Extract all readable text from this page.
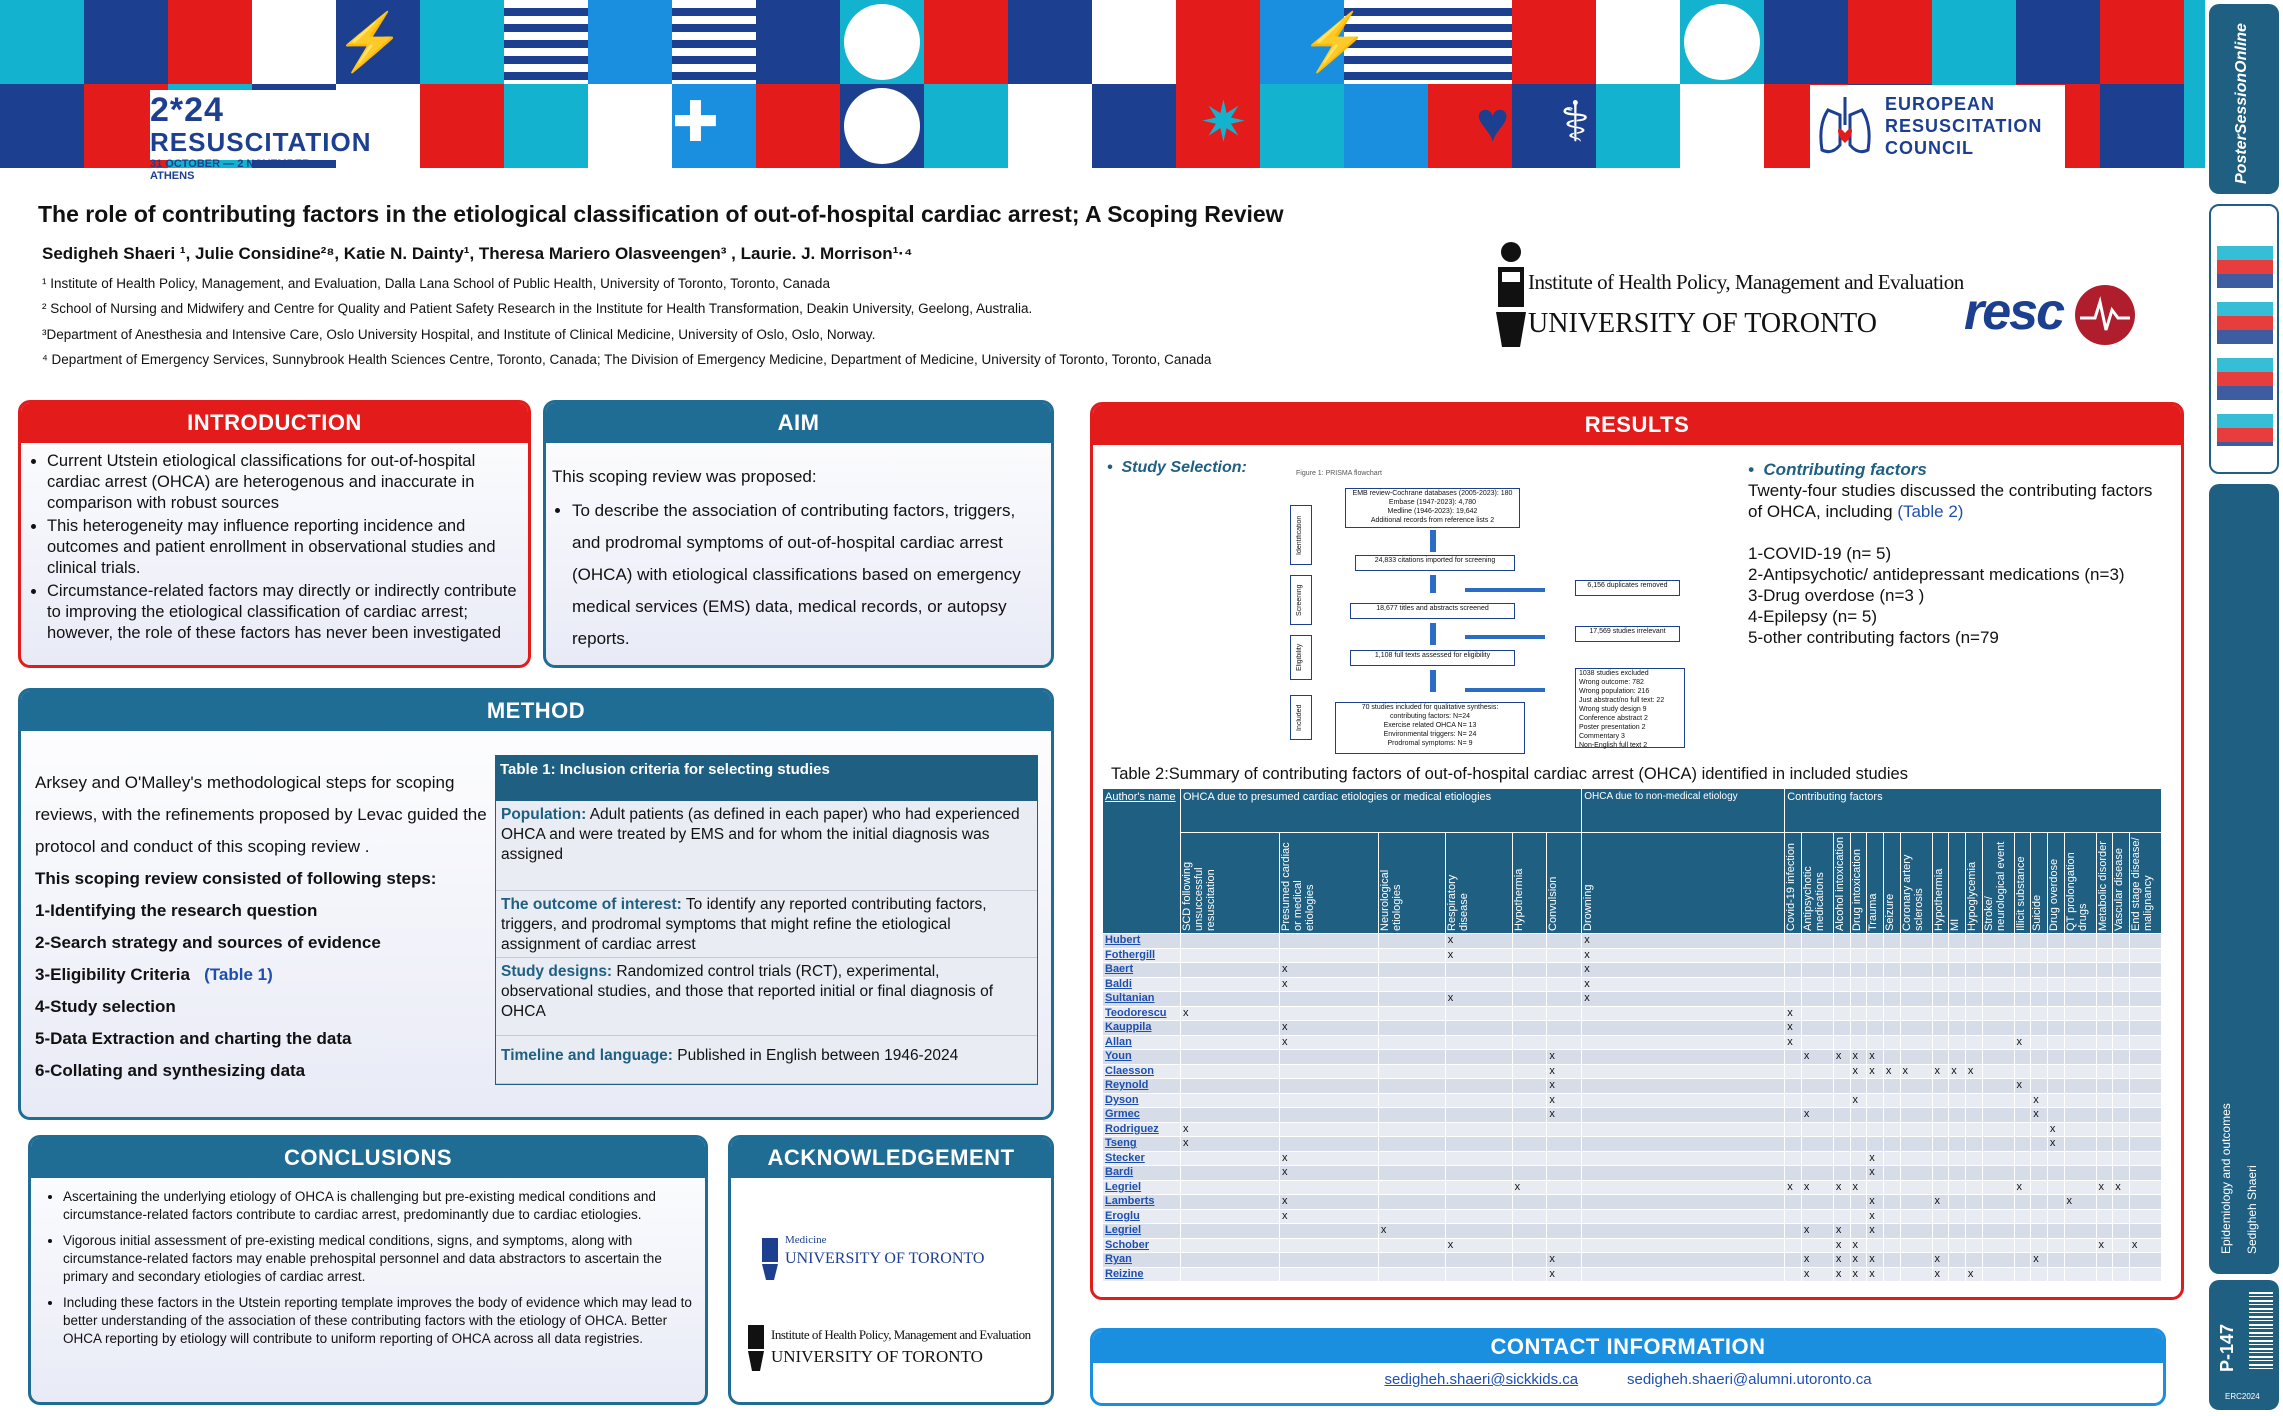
⚡	⚡
✚	♥
✷	⚕
2*24
RESUSCITATION
31 OCTOBER — 2 NOVEMBER
ATHENS
EUROPEAN RESUSCITATION COUNCIL	PosterSessionOnline
Epidemiology and outcomes Sedigheh Shaeri
P-147
ERC2024
The role of contributing factors in the etiological classification of out-of-hospital cardiac arrest; A Scoping Review
Sedigheh Shaeri ¹, Julie Considine²⁸, Katie N. Dainty¹, Theresa Mariero Olasveengen³ , Laurie. J. Morrison¹·⁴
¹ Institute of Health Policy, Management, and Evaluation, Dalla Lana School of Public Health, University of Toronto, Toronto, Canada
² School of Nursing and Midwifery and Centre for Quality and Patient Safety Research in the Institute for Health Transformation, Deakin University, Geelong, Australia.
³Department of Anesthesia and Intensive Care, Oslo University Hospital, and Institute of Clinical Medicine, University of Oslo, Oslo, Norway.
⁴ Department of Emergency Services, Sunnybrook Health Sciences Centre, Toronto, Canada; The Division of Emergency Medicine, Department of Medicine, University of Toronto, Toronto, Canada
Institute of Health Policy, Management and Evaluation
UNIVERSITY OF TORONTO resc
INTRODUCTION
• Current Utstein etiological classifications for out-of-hospital cardiac arrest (OHCA) are heterogenous and inaccurate in comparison with robust sources
• This heterogeneity may influence reporting incidence and outcomes and patient enrollment in observational studies and clinical trials.
• Circumstance-related factors may directly or indirectly contribute to improving the etiological classification of cardiac arrest; however, the role of these factors has never been investigated
AIM
This scoping review was proposed:
• To describe the association of contributing factors, triggers, and prodromal symptoms of out-of-hospital cardiac arrest (OHCA) with etiological classifications based on emergency medical services (EMS) data, medical records, or autopsy reports.
METHOD
Arksey and O'Malley's methodological steps for scoping reviews, with the refinements proposed by Levac guided the protocol and conduct of this scoping review .
This scoping review consisted of following steps:
1-Identifying the research question
2-Search strategy and sources of evidence
3-Eligibility Criteria (Table 1)
4-Study selection
5-Data Extraction and charting the data
6-Collating and synthesizing data
Table 1: Inclusion criteria for selecting studies
Population: Adult patients (as defined in each paper) who had experienced OHCA and were treated by EMS and for whom the initial diagnosis was assigned
The outcome of interest: To identify any reported contributing factors, triggers, and prodromal symptoms that might refine the etiological assignment of cardiac arrest
Study designs: Randomized control trials (RCT), experimental, observational studies, and those that reported initial or final diagnosis of OHCA
Timeline and language: Published in English between 1946-2024
CONCLUSIONS
• Ascertaining the underlying etiology of OHCA is challenging but pre-existing medical conditions and circumstance-related factors contribute to cardiac arrest, predominantly due to cardiac etiologies.
• Vigorous initial assessment of pre-existing medical conditions, signs, and symptoms, along with circumstance-related factors may enable prehospital personnel and data abstractors to ascertain the primary and secondary etiologies of cardiac arrest.
• Including these factors in the Utstein reporting template improves the body of evidence which may lead to better understanding of the association of these contributing factors with the etiology of OHCA. Better OHCA reporting by etiology will contribute to uniform reporting of OHCA across all data registries.
ACKNOWLEDGEMENT
Medicine
UNIVERSITY OF TORONTO
Institute of Health Policy, Management and Evaluation
UNIVERSITY OF TORONTO
RESULTS
•  Study Selection:	•  Contributing factors
Twenty-four studies discussed the contributing factors of OHCA, including (Table 2)
1-COVID-19 (n= 5)
2-Antipsychotic/ antidepressant medications (n=3)
3-Drug overdose (n=3 )
4-Epilepsy (n= 5)
5-other contributing factors (n=79
Table 2:Summary of contributing factors of out-of-hospital cardiac arrest (OHCA) identified in included studies
Figure 1: PRISMA flowchart
Identification
Screening
Eligibility
Included
EMB review-Cochrane databases (2005-2023): 180
Embase (1947-2023): 4,780
Medline (1946-2023): 19,642
Additional records from reference lists 2
24,833 citations imported for screening
18,677 titles and abstracts screened
1,108 full texts assessed for eligibility
70 studies included for qualitative synthesis:
contributing factors: N=24
Exercise related OHCA N= 13
Environmental triggers: N= 24
Prodromal symptoms: N= 9
6,156 duplicates removed
17,569 studies irrelevant
1038 studies excluded
Wrong outcome: 782
Wrong population: 216
Just abstract/no full text: 22
Wrong study design 9
Conference abstract 2
Poster presentation 2
Commentary 3
Non-English full text 2
Author's name	OHCA due to presumed cardiac etiologies or medical etiologies						OHCA due to non-medical etiology	Contributing factors																	

	SCD following unsuccessful resuscitation	Presumed cardiac or medical etiologies	Neurological etiologies	Respiratory disease	Hypothermia	Convulsion	Drowning	Covid-19 infection	Antipsychotic medications	Alcohol intoxication	Drug intoxication	Trauma	Seizure	Coronary artery sclerosis	Hypothermia	MI	Hypoglycemia	Stroke/ neurological event	Illicit substance	Suicide	Drug overdose	QT prolongation drugs	Metabolic disorder	Vascular disease	End stage disease/ malignancy

Hubert				x			x																		
Fothergill				x			x																		
Baert		x					x																		
Baldi		x					x																		
Sultanian				x			x																		
Teodorescu	x							x																	
Kauppila		x						x																	
Allan		x						x											x						
Youn						x			x	x	x	x													
Claesson						x					x	x	x	x	x	x	x								
Reynold						x													x						
Dyson						x					x									x					
Grmec						x			x											x					
Rodriguez	x																				x				
Tseng	x																				x				
Stecker		x										x													
Bardi		x										x													
Legriel					x			x	x	x	x								x				x	x	
Lamberts		x										x			x							x			
Eroglu		x										x													
Legriel			x						x	x		x													
Schober				x						x	x												x		x
Ryan						x			x	x	x	x			x					x					
Reizine						x			x	x	x	x			x		x								
CONTACT INFORMATION
sedigheh.shaeri@sickkids.ca	sedigheh.shaeri@alumni.utoronto.ca
